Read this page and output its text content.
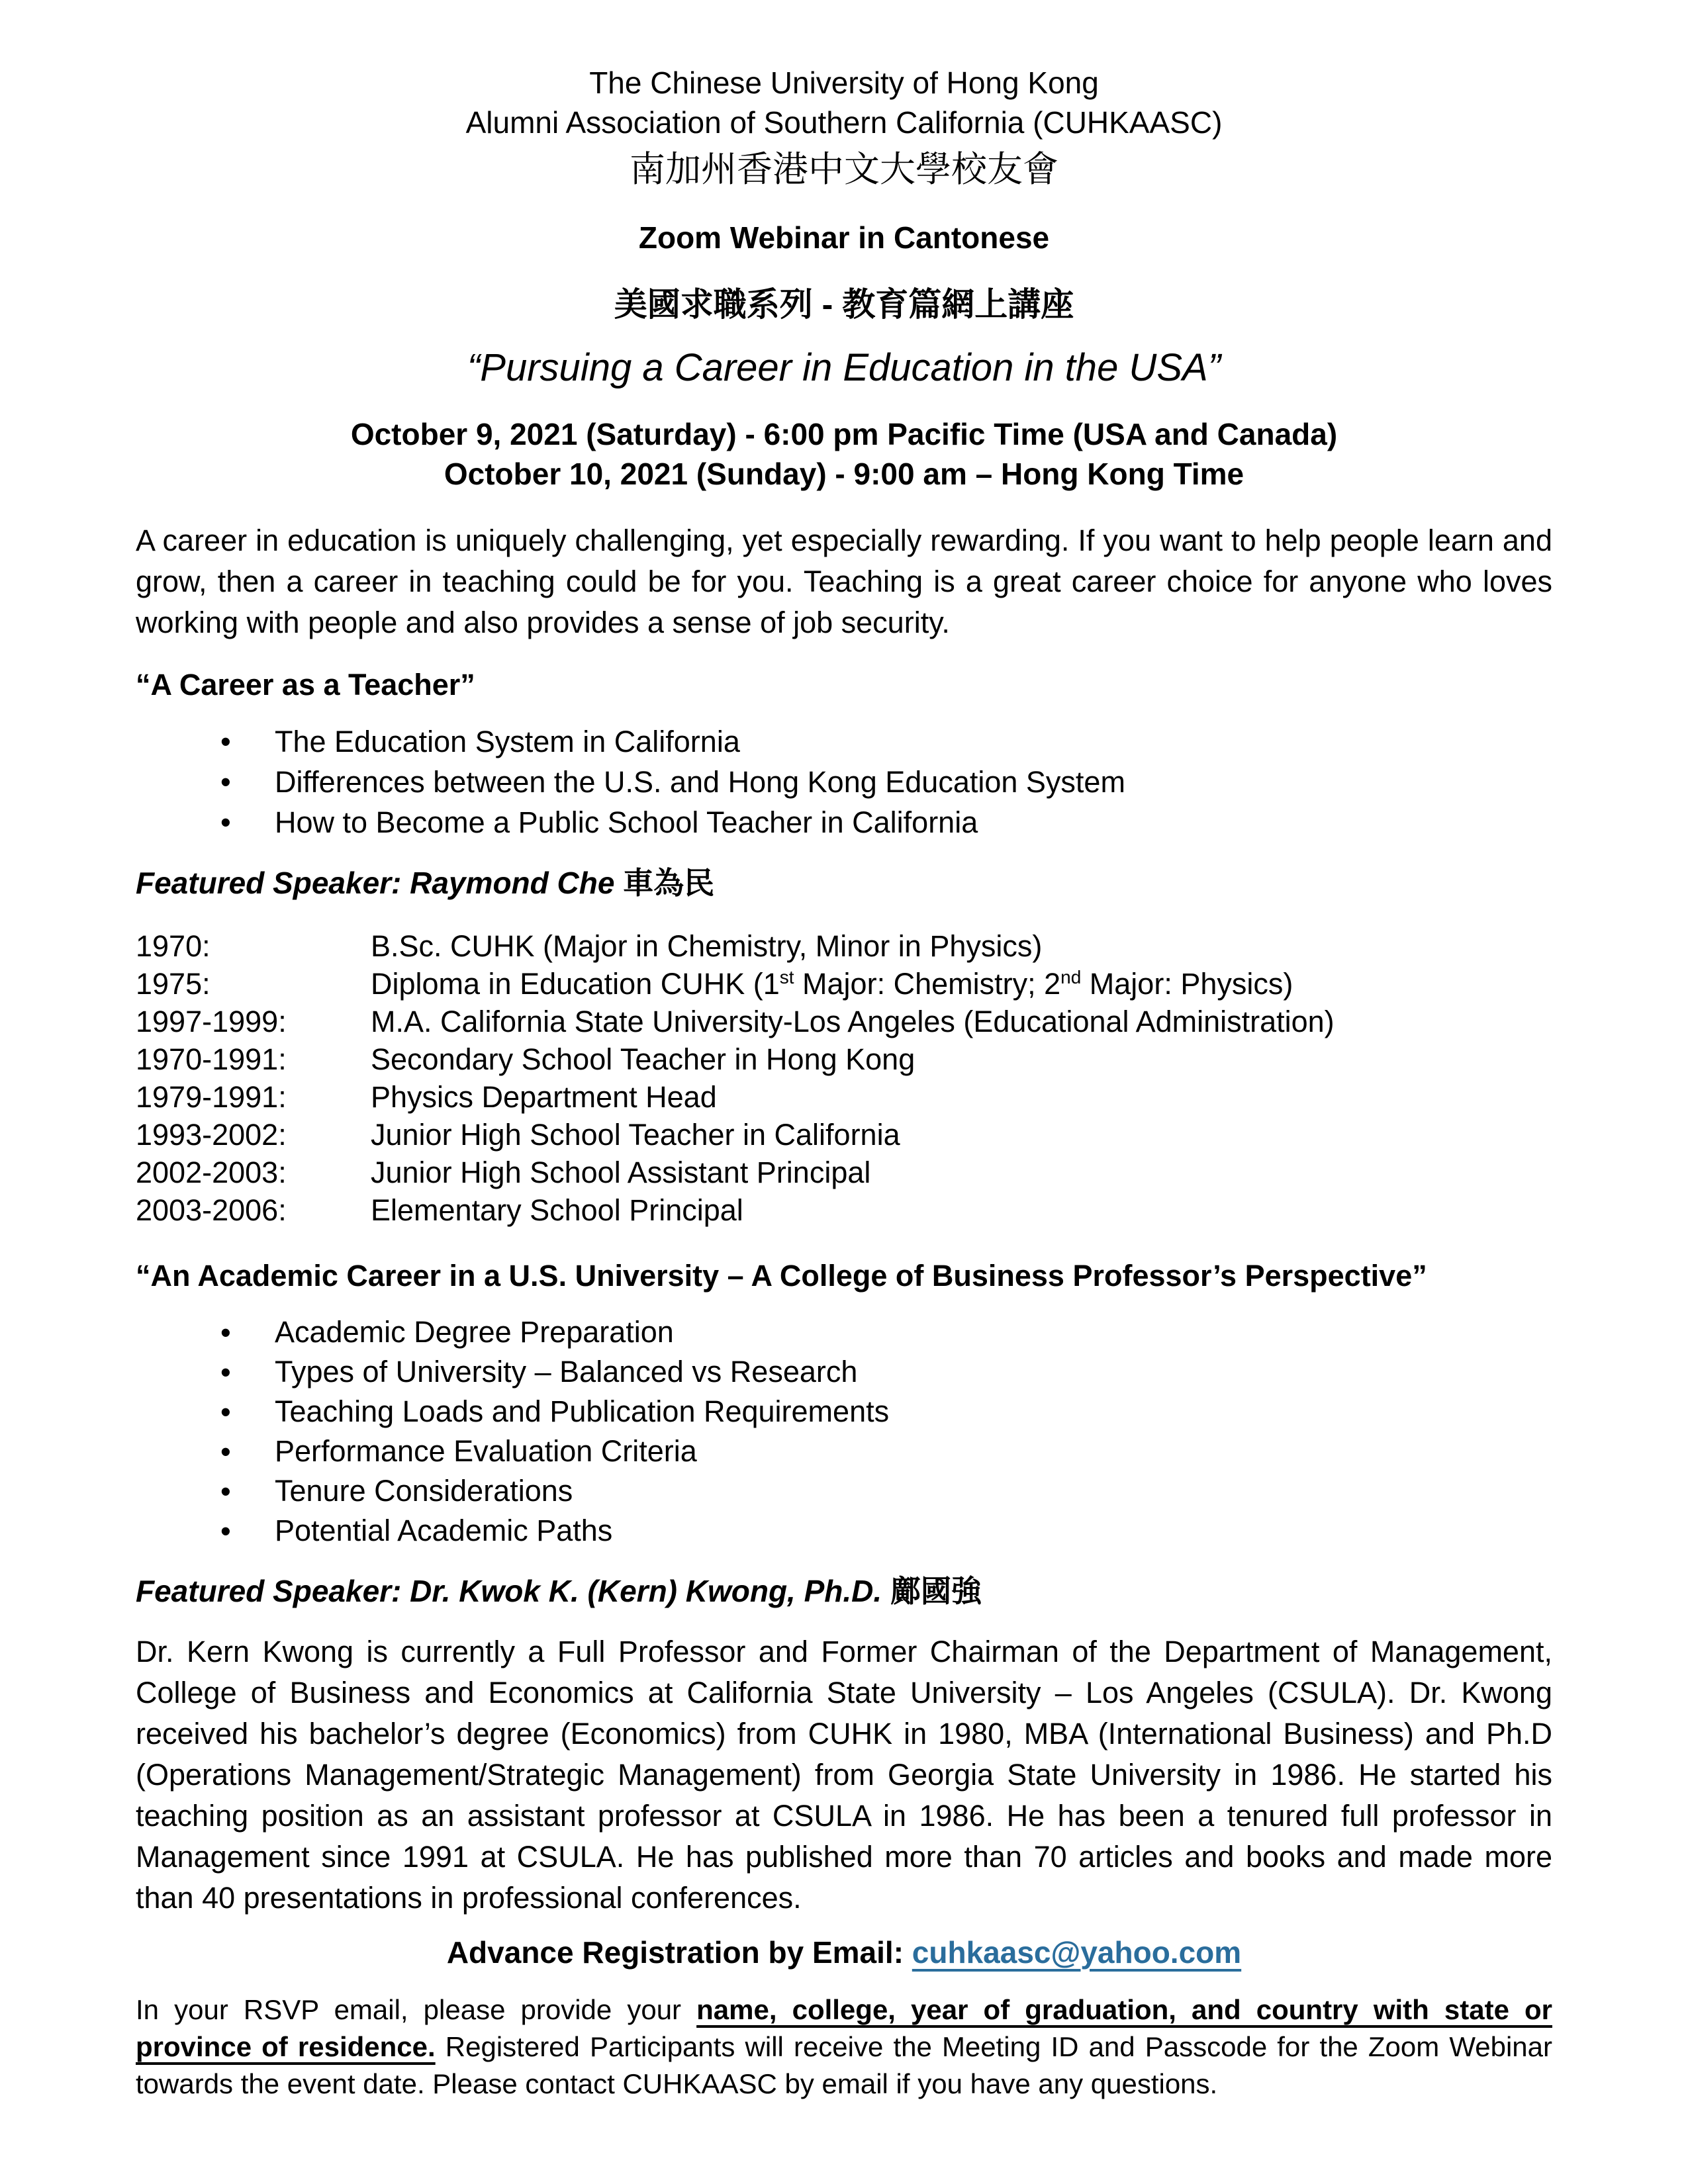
The Chinese University of Hong Kong
Alumni Association of Southern California (CUHKAASC)
南加州香港中文大學校友會
Zoom Webinar in Cantonese
美國求職系列 - 教育篇網上講座
“Pursuing a Career in Education in the USA”
October 9, 2021 (Saturday) - 6:00 pm Pacific Time (USA and Canada)
October 10, 2021 (Sunday) - 9:00 am – Hong Kong Time

A career in education is uniquely challenging, yet especially rewarding. If you want to help people learn and grow, then a career in teaching could be for you. Teaching is a great career choice for anyone who loves working with people and also provides a sense of job security.

“A Career as a Teacher”
• The Education System in California
• Differences between the U.S. and Hong Kong Education System
• How to Become a Public School Teacher in California
Featured Speaker: Raymond Che 車為民
1970:	B.Sc. CUHK (Major in Chemistry, Minor in Physics)
1975:	Diploma in Education CUHK (1st Major: Chemistry; 2nd Major: Physics)
1997-1999:	M.A. California State University-Los Angeles (Educational Administration)
1970-1991:	Secondary School Teacher in Hong Kong
1979-1991:	Physics Department Head
1993-2002:	Junior High School Teacher in California
2002-2003:	Junior High School Assistant Principal
2003-2006:	Elementary School Principal
“An Academic Career in a U.S. University – A College of Business Professor’s Perspective”
• Academic Degree Preparation
• Types of University – Balanced vs Research
• Teaching Loads and Publication Requirements
• Performance Evaluation Criteria
• Tenure Considerations
• Potential Academic Paths
Featured Speaker: Dr. Kwok K. (Kern) Kwong, Ph.D. 鄺國強

Dr. Kern Kwong is currently a Full Professor and Former Chairman of the Department of Management, College of Business and Economics at California State University – Los Angeles (CSULA). Dr. Kwong received his bachelor’s degree (Economics) from CUHK in 1980, MBA (International Business) and Ph.D (Operations Management/Strategic Management) from Georgia State University in 1986. He started his teaching position as an assistant professor at CSULA in 1986. He has been a tenured full professor in Management since 1991 at CSULA. He has published more than 70 articles and books and made more than 40 presentations in professional conferences.

Advance Registration by Email: cuhkaasc@yahoo.com

In your RSVP email, please provide your name, college, year of graduation, and country with state or province of residence. Registered Participants will receive the Meeting ID and Passcode for the Zoom Webinar towards the event date. Please contact CUHKAASC by email if you have any questions.
